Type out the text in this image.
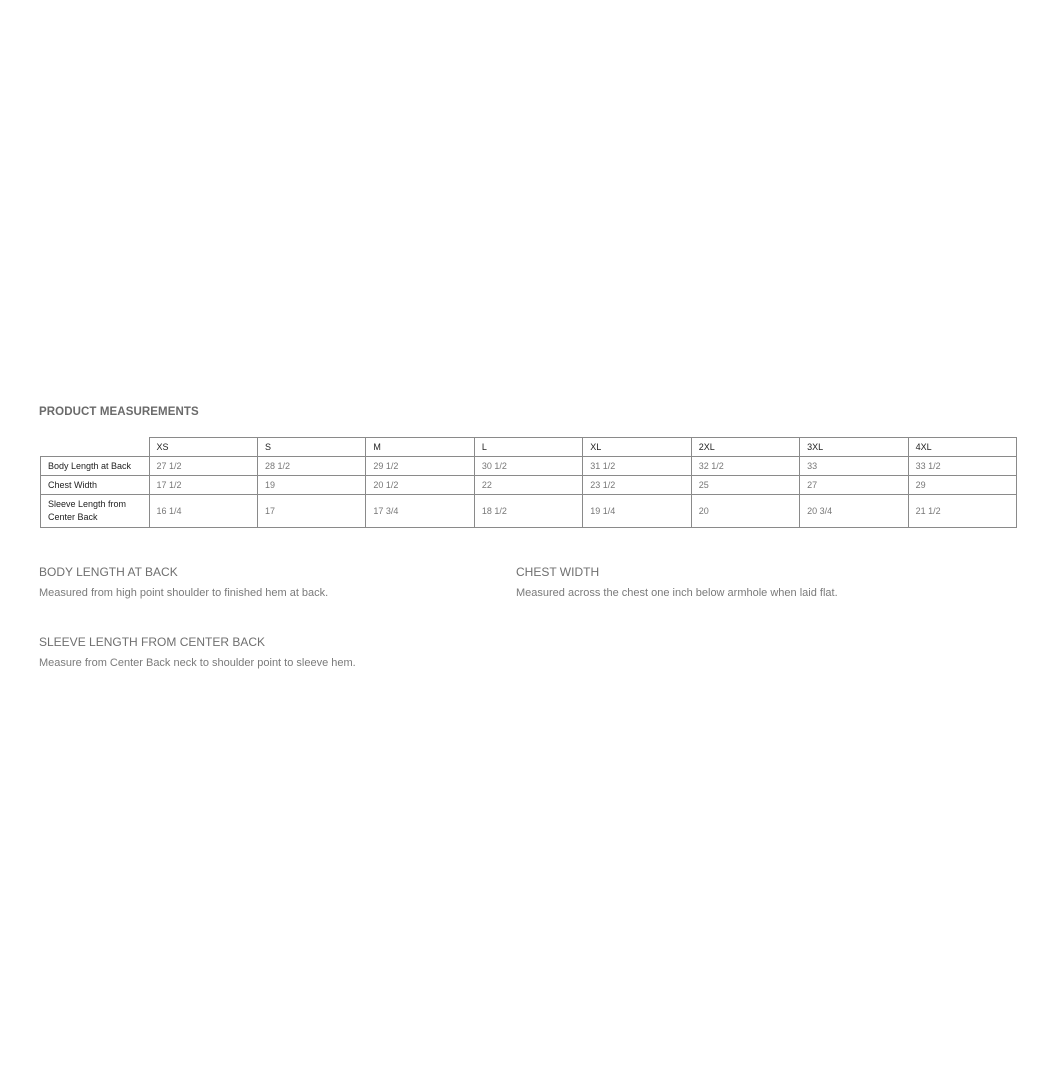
PRODUCT MEASUREMENTS
	XS	S	M	L	XL	2XL	3XL	4XL
Body Length at Back	27 1/2	28 1/2	29 1/2	30 1/2	31 1/2	32 1/2	33	33 1/2
Chest Width	17 1/2	19	20 1/2	22	23 1/2	25	27	29
Sleeve Length from Center Back	16 1/4	17	17 3/4	18 1/2	19 1/4	20	20 3/4	21 1/2
BODY LENGTH AT BACK
Measured from high point shoulder to finished hem at back.
CHEST WIDTH
Measured across the chest one inch below armhole when laid flat.
SLEEVE LENGTH FROM CENTER BACK
Measure from Center Back neck to shoulder point to sleeve hem.
